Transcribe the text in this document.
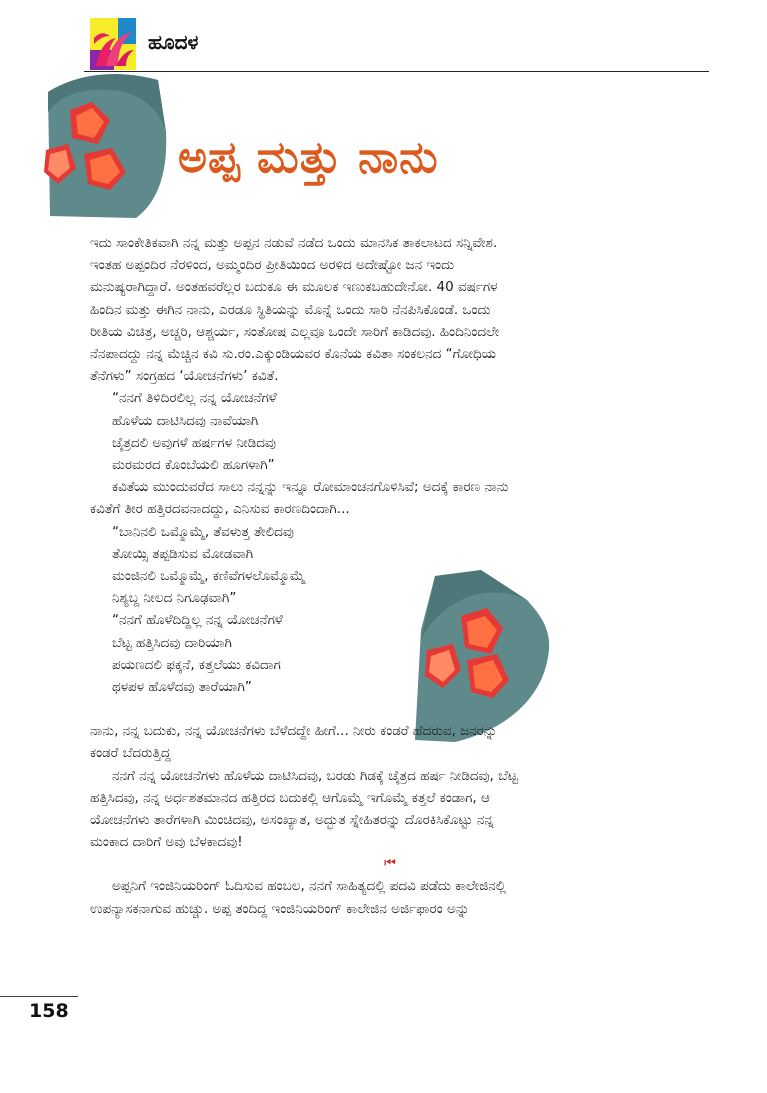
ಹೂದಳ
ಅಪ್ಪ ಮತ್ತು ನಾನು

ಇದು ಸಾಂಕೇತಿಕವಾಗಿ ನನ್ನ ಮತ್ತು ಅಪ್ಪನ ನಡುವೆ ನಡೆದ ಒಂದು ಮಾನಸಿಕ ತಾಕಲಾಟದ ಸನ್ನಿವೇಶ.

ಇಂತಹ ಅಪ್ಪಂದಿರ ನೆರಳಿಂದ, ಅಮ್ಮಂದಿರ ಪ್ರೀತಿಯಿಂದ ಅರಳಿದ ಅದೇಷ್ಟೋ ಜನ ಇಂದು

ಮನುಷ್ಯರಾಗಿದ್ದಾರೆ. ಅಂತಹವರೆಲ್ಲರ ಬದುಕೂ ಈ ಮೂಲಕ ಇಣುಕಬಹುದೇನೋ. 40 ವರ್ಷಗಳ

ಹಿಂದಿನ ಮತ್ತು ಈಗಿನ ನಾನು, ಎರಡೂ ಸ್ಥಿತಿಯನ್ನು ಮೊನ್ನೆ ಒಂದು ಸಾರಿ ನೆನಪಿಸಿಕೊಂಡೆ. ಒಂದು

ರೀತಿಯ ವಿಚಿತ್ರ, ಅಚ್ಚರಿ, ಆಶ್ಚರ್ಯ, ಸಂತೋಷ ಎಲ್ಲವೂ ಒಂದೇ ಸಾರಿಗೆ ಕಾಡಿದವು. ಹಿಂದಿನಿಂದಲೇ

ನೆನಪಾದದ್ದು ನನ್ನ ಮೆಚ್ಚಿನ ಕವಿ ಸು.ರಂ.ಎಕ್ಕುಂಡಿಯವರ ಕೊನೆಯ ಕವಿತಾ ಸಂಕಲನದ “ಗೋಧಿಯ

ತೆನೆಗಳು” ಸಂಗ್ರಹದ ‘ಯೋಚನೆಗಳು’ ಕವಿತೆ.

“ನನಗೆ ತಿಳಿದಿರಲಿಲ್ಲ ನನ್ನ ಯೋಚನೆಗಳೆ

ಹೊಳೆಯ ದಾಟಿಸಿದವು ನಾವೆಯಾಗಿ

ಚೈತ್ರದಲಿ ಅವುಗಳೆ ಹರ್ಷಗಳ ನೀಡಿದವು

ಮರಮರದ ಕೊಂಬೆಯಲಿ ಹೂಗಳಾಗಿ”

ಕವಿತೆಯ ಮುಂದುವರೆದ ಸಾಲು ನನ್ನನ್ನು ಇನ್ನೂ ರೋಮಾಂಚನಗೊಳಿಸಿವೆ; ಅದಕ್ಕೆ ಕಾರಣ ನಾನು

ಕವಿತೆಗೆ ತೀರ ಹತ್ತಿರದವನಾದದ್ದು, ಎನಿಸುವ ಕಾರಣದಿಂದಾಗಿ...

“ಬಾನಿನಲಿ ಒಮ್ಮೊಮ್ಮೆ, ತೆವಳುತ್ತ ತೇಲಿದವು

ತೋಯ್ಸಿ ತಪ್ಪಡಿಸುವ ಮೋಡವಾಗಿ

ಮಂಜಿನಲಿ ಒಮ್ಮೊಮ್ಮೆ, ಕಣಿವೆಗಳಲೊಮ್ಮೊಮ್ಮೆ

ನಿಶ್ಯಬ್ದ ನೀಲದ ನಿಗೂಢವಾಗಿ”

“ನನಗೆ ಹೊಳೆದಿದ್ದಿಲ್ಲ ನನ್ನ ಯೋಚನೆಗಳೆ

ಬೆಟ್ಟ ಹತ್ತಿಸಿದವು ದಾರಿಯಾಗಿ

ಪಯಣದಲಿ ಫಕ್ಕನೆ, ಕತ್ತಲೆಯು ಕವಿದಾಗ

ಥಳಪಳ ಹೊಳೆದವು ತಾರೆಯಾಗಿ”

ನಾನು, ನನ್ನ ಬದುಕು, ನನ್ನ ಯೋಚನೆಗಳು ಬೆಳೆದದ್ದೇ ಹೀಗೆ... ನೀರು ಕಂಡರೆ ಹೆದರುವ, ಜನರನ್ನು

ಕಂಡರೆ ಬೆದರುತ್ತಿದ್ದ

ನನಗೆ ನನ್ನ ಯೋಚನೆಗಳು ಹೊಳೆಯ ದಾಟಿಸಿದವು, ಬರಡು ಗಿಡಕ್ಕೆ ಚೈತ್ರದ ಹರ್ಷ ನೀಡಿದವು, ಬೆಟ್ಟ

ಹತ್ತಿಸಿದವು, ನನ್ನ ಅರ್ಧಶತಮಾನದ ಹತ್ತಿರದ ಬದುಕಲ್ಲಿ ಆಗೊಮ್ಮೆ ಇಗೊಮ್ಮೆ ಕತ್ತಲೆ ಕಂಡಾಗ, ಆ

ಯೋಚನೆಗಳು ತಾರೆಗಳಾಗಿ ಮಿಂಚಿದವು, ಅಸಂಖ್ಯಾತ, ಅದ್ಭುತ ಸ್ನೇಹಿತರನ್ನು ದೊರಕಿಸಿಕೊಟ್ಟು ನನ್ನ

ಮಂಕಾದ ದಾರಿಗೆ ಅವು ಬೆಳಕಾದವು!

⏮

ಅಪ್ಪನಿಗೆ ಇಂಜಿನಿಯರಿಂಗ್ ಓದಿಸುವ ಹಂಬಲ, ನನಗೆ ಸಾಹಿತ್ಯದಲ್ಲಿ ಪದವಿ ಪಡೆದು ಕಾಲೇಜಿನಲ್ಲಿ

ಉಪನ್ಯಾಸಕನಾಗುವ ಹುಚ್ಚು. ಅಪ್ಪ ತಂದಿದ್ದ ಇಂಜಿನಿಯರಿಂಗ್ ಕಾಲೇಜಿನ ಅರ್ಜಿಫಾರಂ ಅನ್ನು

158
